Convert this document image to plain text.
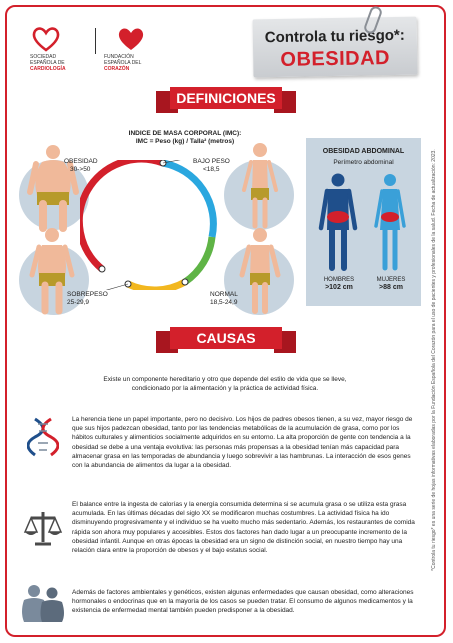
SOCIEDAD
ESPAÑOLA DE
CARDIOLOGÍA
FUNDACIÓN
ESPAÑOLA DEL
CORAZÓN
Controla tu riesgo*:
OBESIDAD
DEFINICIONES
INDICE DE MASA CORPORAL (IMC):
IMC = Peso (kg) / Talla² (metros)
OBESIDAD
30->50
BAJO PESO
<18,5
SOBREPESO
25-29,9
NORMAL
18,5-24,9
OBESIDAD ABDOMINAL
Perímetro abdominal
HOMBRES
>102 cm
MUJERES
>88 cm
CAUSAS
Existe un componente hereditario y otro que depende del estilo de vida que se lleve,
condicionado por la alimentación y la práctica de actividad física.
La herencia tiene un papel importante, pero no decisivo. Los hijos de padres obesos tienen, a su vez, mayor riesgo de que sus hijos padezcan obesidad, tanto por las tendencias metabólicas de la acumulación de grasa, como por los hábitos culturales y alimenticios socialmente adquiridos en su entorno. La alta proporción de gente con tendencia a la obesidad se debe a una ventaja evolutiva: las personas más propensas a la obesidad tenían más capacidad para almacenar grasa en las temporadas de abundancia y luego sobrevivir a las hambrunas. La interacción de esos genes con la abundancia de alimentos da lugar a la obesidad.
El balance entre la ingesta de calorías y la energía consumida determina si se acumula grasa o se utiliza esta grasa acumulada. En las últimas décadas del siglo XX se modificaron muchas costumbres. La actividad física ha ido disminuyendo progresivamente y el individuo se ha vuelto mucho más sedentario. Además, los restaurantes de comida rápida son ahora muy populares y accesibles. Estos dos factores han dado lugar a un preocupante incremento de la obesidad infantil. Aunque en otras épocas la obesidad era un signo de distinción social, en nuestro tiempo hay una relación clara entre la proporción de obesos y el bajo estatus social.
Además de factores ambientales y genéticos, existen algunas enfermedades que causan obesidad, como alteraciones hormonales o endocrinas que en la mayoría de los casos se pueden tratar. El consumo de algunos medicamentos y la existencia de enfermedad mental también pueden predisponer a la obesidad.
*Controla tu riesgo* es una serie de hojas informativas elaboradas por la Fundación Española del Corazón para el uso de pacientes y profesionales de la salud. Fecha de actualización: 2023.
